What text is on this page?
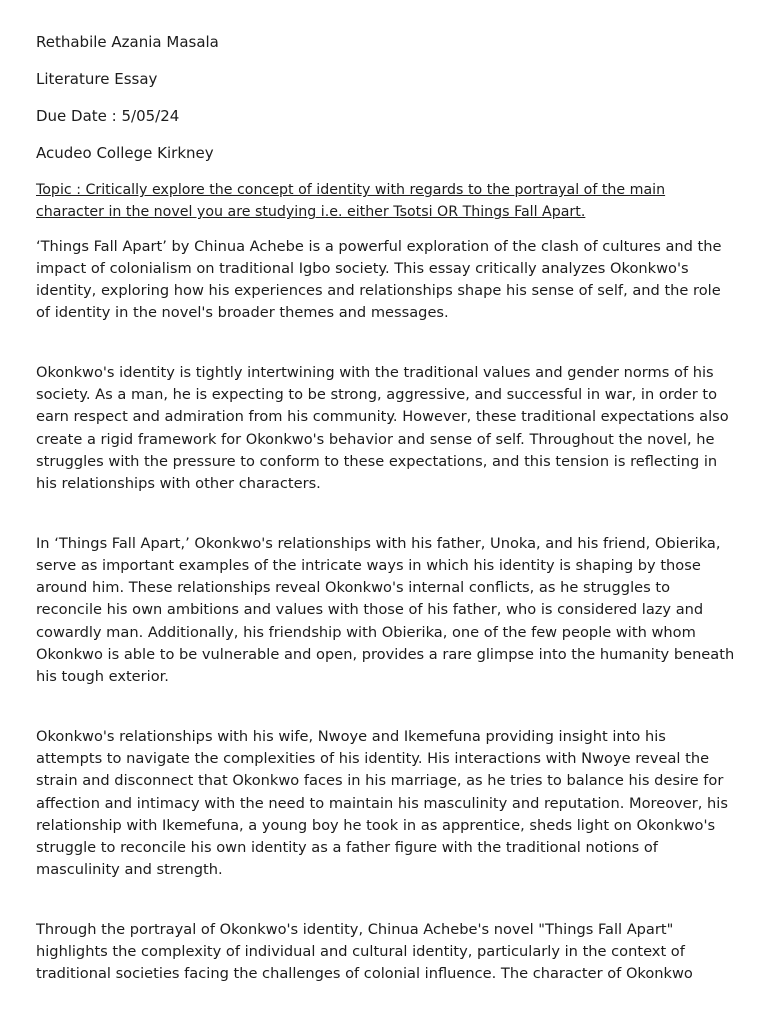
Rethabile Azania Masala
Literature Essay
Due Date : 5/05/24
Acudeo College Kirkney
Topic : Critically explore the concept of identity with regards to the portrayal of the main character in the novel you are studying i.e. either Tsotsi OR Things Fall Apart.

‘Things Fall Apart’ by Chinua Achebe is a powerful exploration of the clash of cultures and the impact of colonialism on traditional Igbo society. This essay critically analyzes Okonkwo's identity, exploring how his experiences and relationships shape his sense of self, and the role of identity in the novel's broader themes and messages.

Okonkwo's identity is tightly intertwining with the traditional values and gender norms of his society. As a man, he is expecting to be strong, aggressive, and successful in war, in order to earn respect and admiration from his community. However, these traditional expectations also create a rigid framework for Okonkwo's behavior and sense of self. Throughout the novel, he struggles with the pressure to conform to these expectations, and this tension is reflecting in his relationships with other characters.

In ‘Things Fall Apart,’ Okonkwo's relationships with his father, Unoka, and his friend, Obierika, serve as important examples of the intricate ways in which his identity is shaping by those around him. These relationships reveal Okonkwo's internal conflicts, as he struggles to reconcile his own ambitions and values with those of his father, who is considered lazy and cowardly man. Additionally, his friendship with Obierika, one of the few people with whom Okonkwo is able to be vulnerable and open, provides a rare glimpse into the humanity beneath his tough exterior.

Okonkwo's relationships with his wife, Nwoye and Ikemefuna providing insight into his attempts to navigate the complexities of his identity. His interactions with Nwoye reveal the strain and disconnect that Okonkwo faces in his marriage, as he tries to balance his desire for affection and intimacy with the need to maintain his masculinity and reputation. Moreover, his relationship with Ikemefuna, a young boy he took in as apprentice, sheds light on Okonkwo's struggle to reconcile his own identity as a father figure with the traditional notions of masculinity and strength.

Through the portrayal of Okonkwo's identity, Chinua Achebe's novel "Things Fall Apart" highlights the complexity of individual and cultural identity, particularly in the context of traditional societies facing the challenges of colonial influence. The character of Okonkwo
